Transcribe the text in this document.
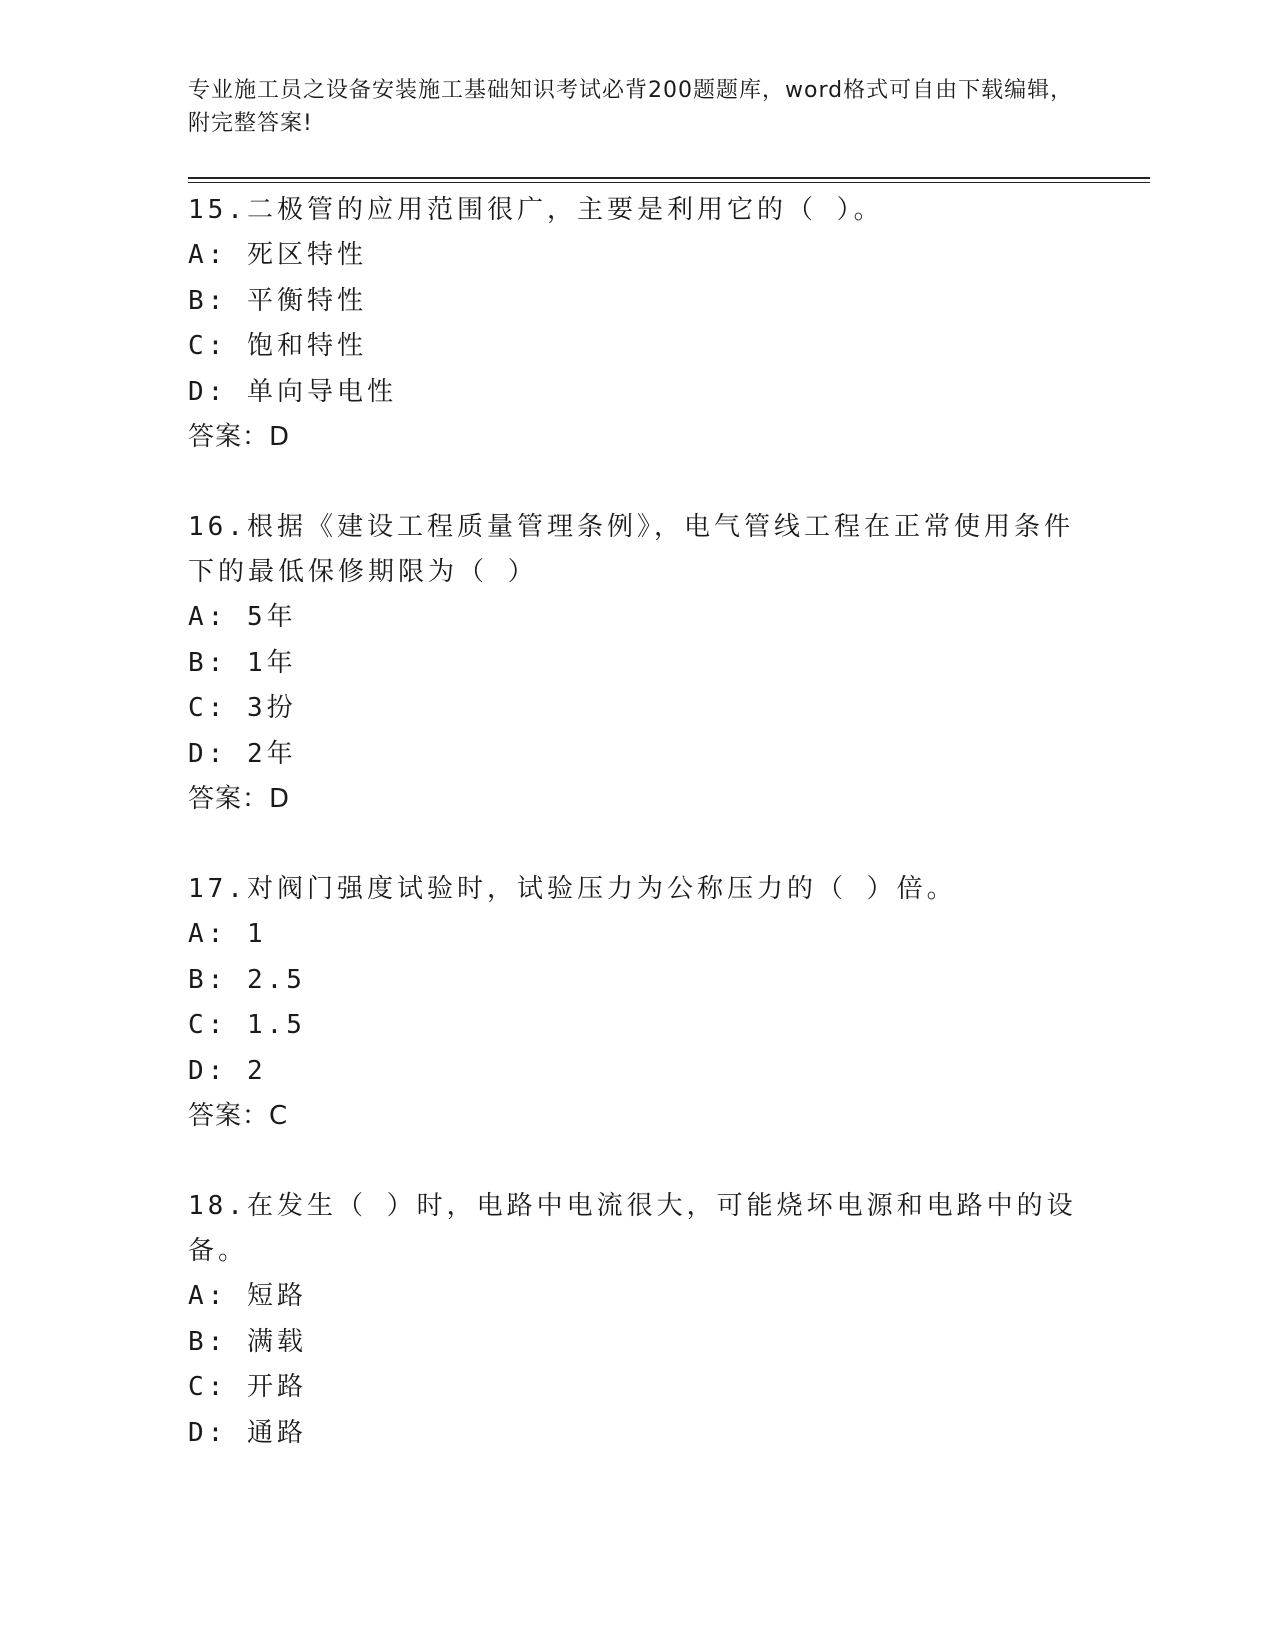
专业施工员之设备安装施工基础知识考试必背200题题库，word格式可自由下载编辑，附完整答案!
15.二极管的应用范围很广，主要是利用它的（ ）。
A: 死区特性
B: 平衡特性
C: 饱和特性
D: 单向导电性
答案：D
16.根据《建设工程质量管理条例》，电气管线工程在正常使用条件下的最低保修期限为（ ）
A: 5年
B: 1年
C: 3扮
D: 2年
答案：D
17.对阀门强度试验时，试验压力为公称压力的（ ）倍。
A: 1
B: 2.5
C: 1.5
D: 2
答案：C
18.在发生（ ）时，电路中电流很大，可能烧坏电源和电路中的设备。
A: 短路
B: 满载
C: 开路
D: 通路
